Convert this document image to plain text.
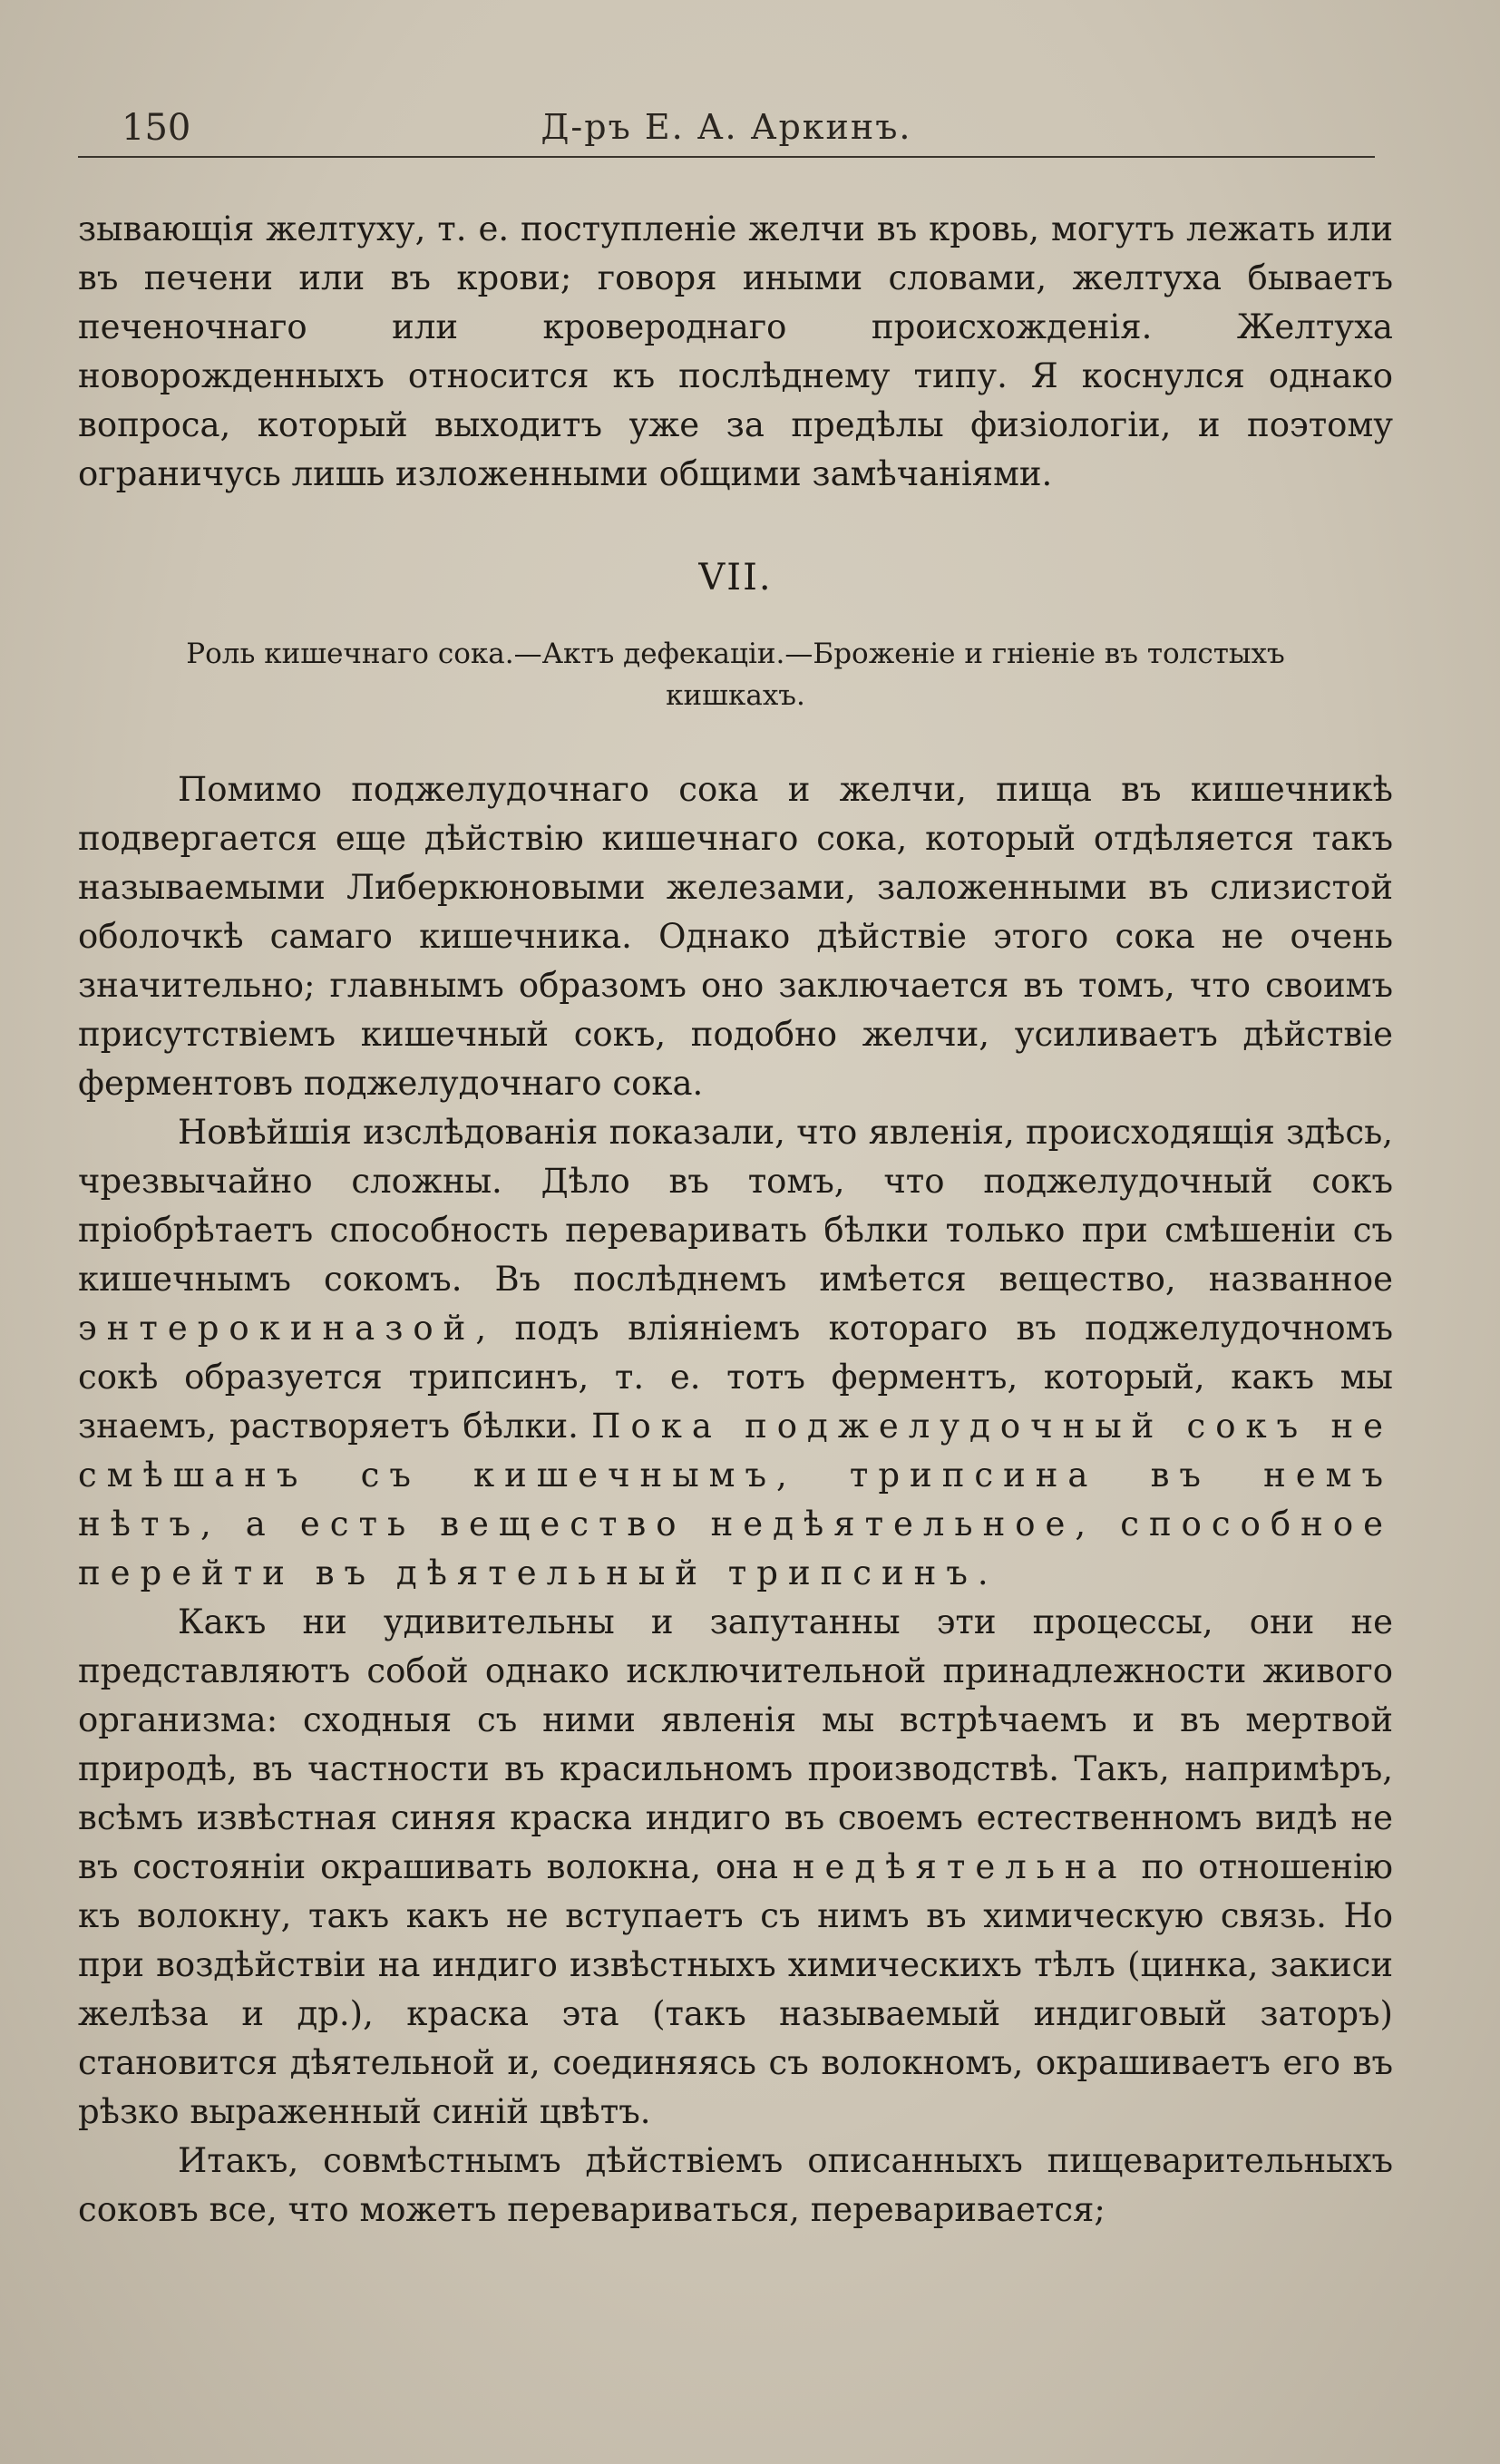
150	Д-ръ Е. А. Аркинъ.

зывающія желтуху, т. е. поступленіе желчи въ кровь, могутъ лежать или въ печени или въ крови; говоря иными словами, желтуха бываетъ печеночнаго или кровероднаго происхожденія. Желтуха новорожденныхъ относится къ послѣднему типу. Я коснулся однако вопроса, который выходитъ уже за предѣлы физіологіи, и поэтому ограничусь лишь изложенными общими замѣчаніями.

VII.
Роль кишечнаго сока.—Актъ дефекаціи.—Броженіе и гніеніе въ толстыхъ кишкахъ.

Помимо поджелудочнаго сока и желчи, пища въ кишечникѣ подвергается еще дѣйствію кишечнаго сока, который отдѣляется такъ называемыми Либеркюновыми железами, заложенными въ слизистой оболочкѣ самаго кишечника. Однако дѣйствіе этого сока не очень значительно; главнымъ образомъ оно заключается въ томъ, что своимъ присутствіемъ кишечный сокъ, подобно желчи, усиливаетъ дѣйствіе ферментовъ поджелудочнаго сока.

Новѣйшія изслѣдованія показали, что явленія, происходящія здѣсь, чрезвычайно сложны. Дѣло въ томъ, что поджелудочный сокъ пріобрѣтаетъ способность переваривать бѣлки только при смѣшеніи съ кишечнымъ сокомъ. Въ послѣднемъ имѣется вещество, названное энтерокиназой, подъ вліяніемъ котораго въ поджелудочномъ сокѣ образуется трипсинъ, т. е. тотъ ферментъ, который, какъ мы знаемъ, растворяетъ бѣлки. Пока поджелудочный сокъ не смѣшанъ съ кишечнымъ, трипсина въ немъ нѣтъ, а есть вещество недѣятельное, способное перейти въ дѣятельный трипсинъ.

Какъ ни удивительны и запутанны эти процессы, они не представляютъ собой однако исключительной принадлежности живого организма: сходныя съ ними явленія мы встрѣчаемъ и въ мертвой природѣ, въ частности въ красильномъ производствѣ. Такъ, напримѣръ, всѣмъ извѣстная синяя краска индиго въ своемъ естественномъ видѣ не въ состояніи окрашивать волокна, она недѣятельна по отношенію къ волокну, такъ какъ не вступаетъ съ нимъ въ химическую связь. Но при воздѣйствіи на индиго извѣстныхъ химическихъ тѣлъ (цинка, закиси желѣза и др.), краска эта (такъ называемый индиговый заторъ) становится дѣятельной и, соединяясь съ волокномъ, окрашиваетъ его въ рѣзко выраженный синій цвѣтъ.

Итакъ, совмѣстнымъ дѣйствіемъ описанныхъ пищеварительныхъ соковъ все, что можетъ перевариваться, переваривается;
